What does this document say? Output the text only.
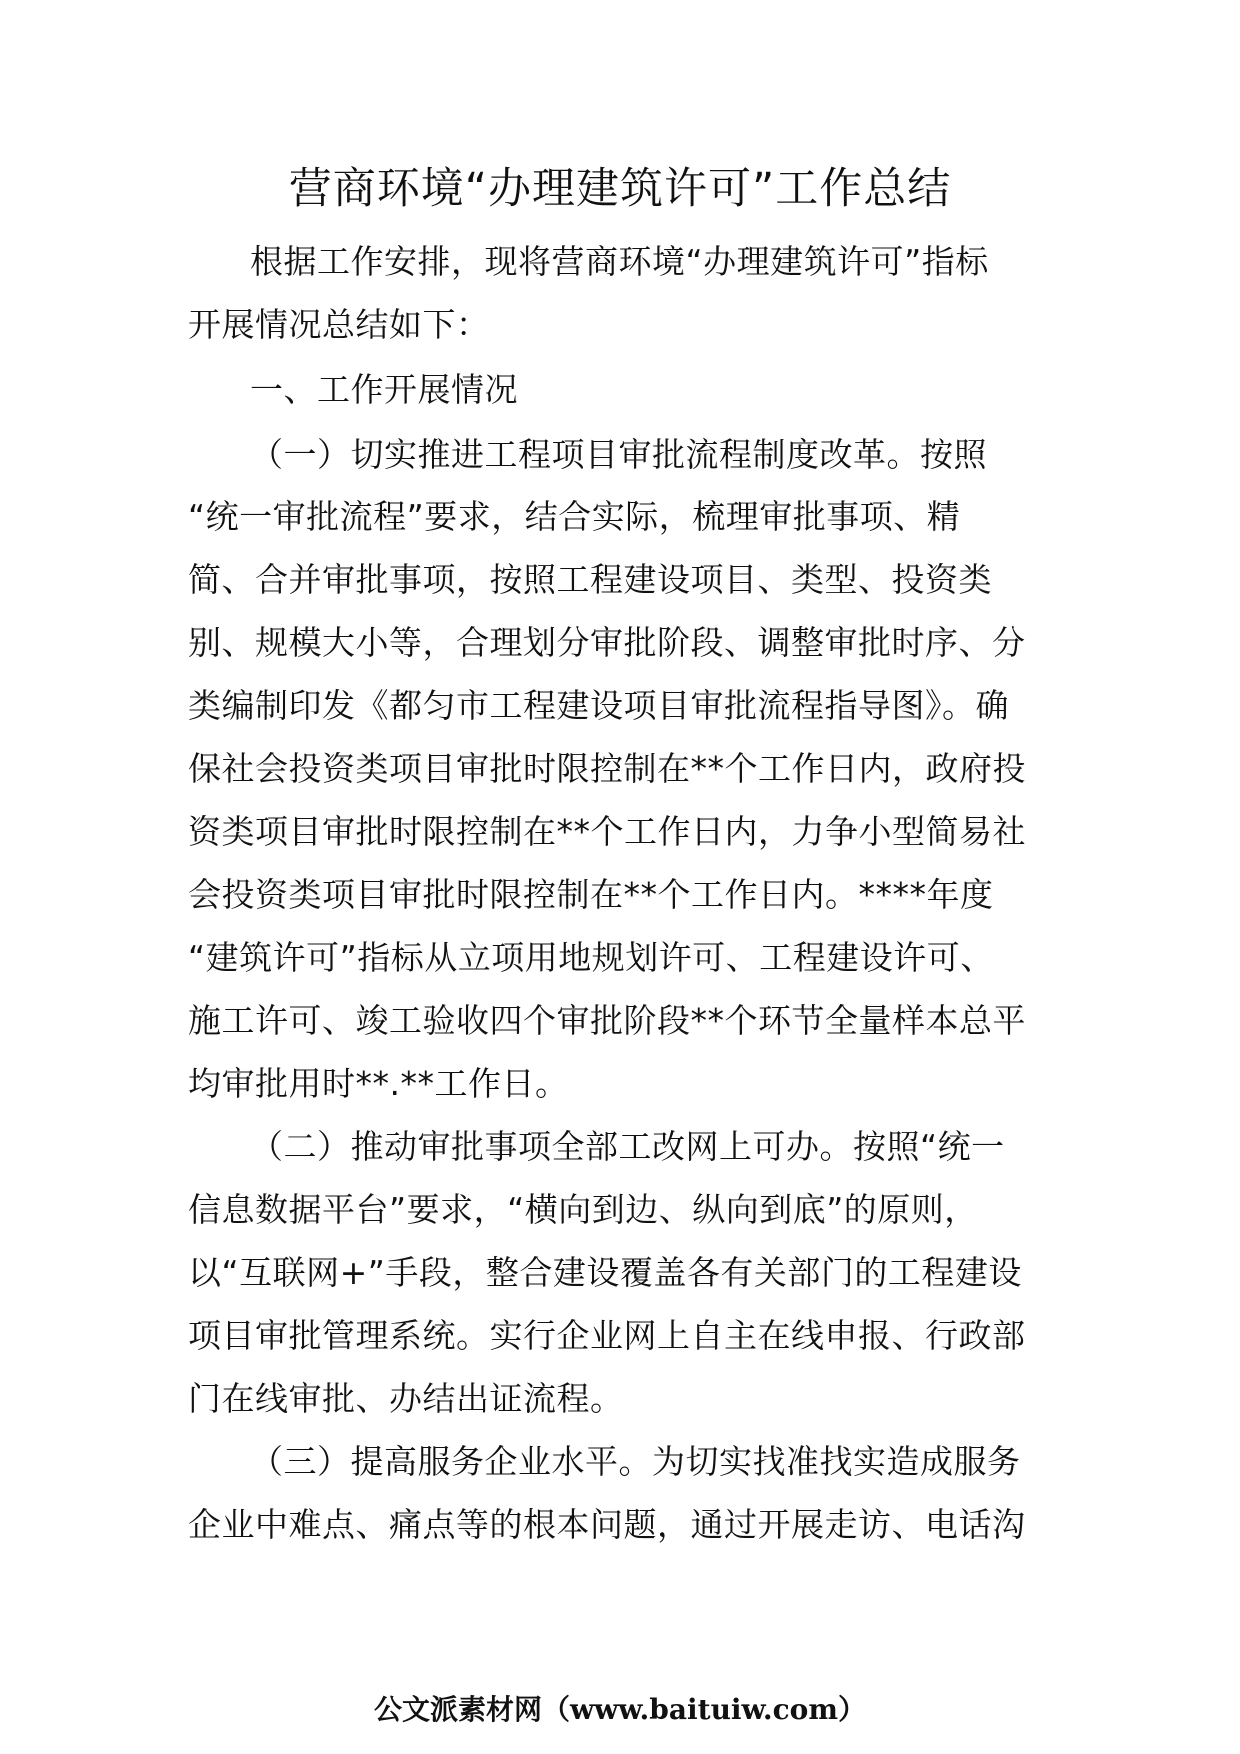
营商环境“办理建筑许可”工作总结
根据工作安排，现将营商环境“办理建筑许可”指标
开展情况总结如下：
一、工作开展情况
（一）切实推进工程项目审批流程制度改革。按照
“统一审批流程”要求，结合实际，梳理审批事项、精
简、合并审批事项，按照工程建设项目、类型、投资类
别、规模大小等，合理划分审批阶段、调整审批时序、分
类编制印发《都匀市工程建设项目审批流程指导图》。确
保社会投资类项目审批时限控制在**个工作日内，政府投
资类项目审批时限控制在**个工作日内，力争小型简易社
会投资类项目审批时限控制在**个工作日内。****年度
“建筑许可”指标从立项用地规划许可、工程建设许可、
施工许可、竣工验收四个审批阶段**个环节全量样本总平
均审批用时**.**工作日。
（二）推动审批事项全部工改网上可办。按照“统一
信息数据平台”要求，“横向到边、纵向到底”的原则，
以“互联网+”手段，整合建设覆盖各有关部门的工程建设
项目审批管理系统。实行企业网上自主在线申报、行政部
门在线审批、办结出证流程。
（三）提高服务企业水平。为切实找准找实造成服务
企业中难点、痛点等的根本问题，通过开展走访、电话沟
公文派素材网（www.baituiw.com）
